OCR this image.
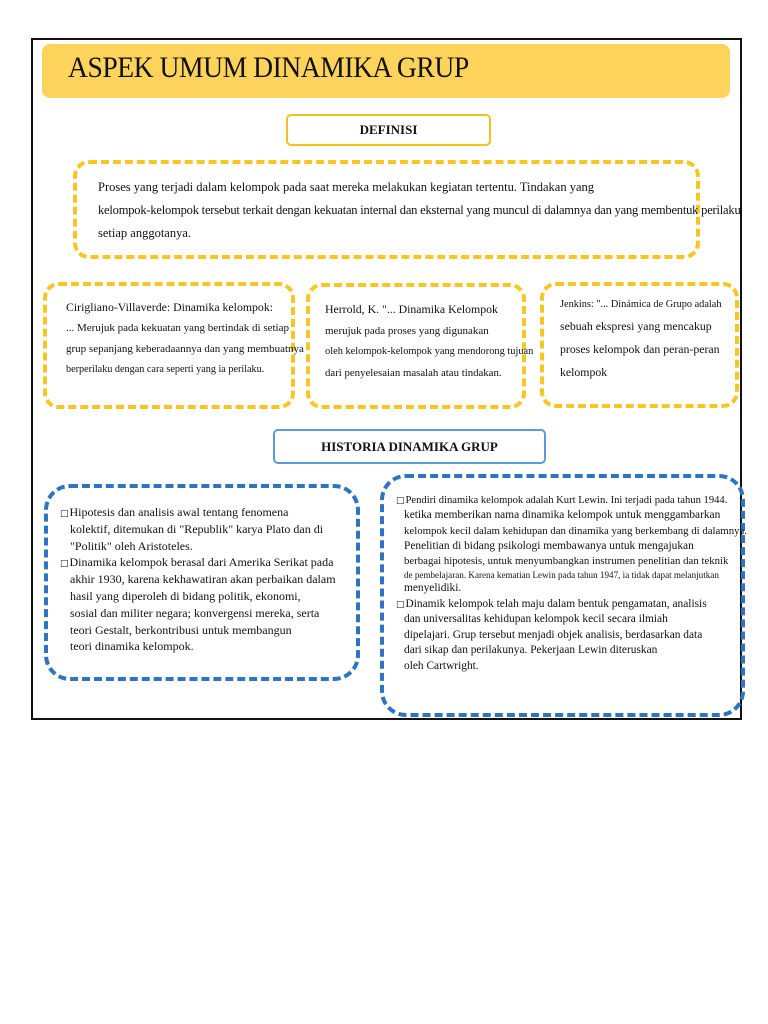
ASPEK UMUM DINAMIKA GRUP
DEFINISI
Proses yang terjadi dalam kelompok pada saat mereka melakukan kegiatan tertentu. Tindakan yang
kelompok-kelompok tersebut terkait dengan kekuatan internal dan eksternal yang muncul di dalamnya dan yang membentuk perilaku
setiap anggotanya.
Cirigliano-Villaverde: Dinamika kelompok:
... Merujuk pada kekuatan yang bertindak di setiap
grup sepanjang keberadaannya dan yang membuatnya
berperilaku dengan cara seperti yang ia perilaku.
Herrold, K. "... Dinamika Kelompok
merujuk pada proses yang digunakan
oleh kelompok-kelompok yang mendorong tujuan
dari penyelesaian masalah atau tindakan.
Jenkins: "... Dinámica de Grupo adalah
sebuah ekspresi yang mencakup
proses kelompok dan peran-peran
kelompok
HISTORIA DINAMIKA GRUP
□Hipotesis dan analisis awal tentang fenomena
kolektif, ditemukan di "Republik" karya Plato dan di
"Politik" oleh Aristoteles.
□Dinamika kelompok berasal dari Amerika Serikat pada
akhir 1930, karena kekhawatiran akan perbaikan dalam
hasil yang diperoleh di bidang politik, ekonomi,
sosial dan militer negara; konvergensi mereka, serta
teori Gestalt, berkontribusi untuk membangun
teori dinamika kelompok.
□Pendiri dinamika kelompok adalah Kurt Lewin. Ini terjadi pada tahun 1944.
ketika memberikan nama dinamika kelompok untuk menggambarkan
kelompok kecil dalam kehidupan dan dinamika yang berkembang di dalamnya.
Penelitian di bidang psikologi membawanya untuk mengajukan
berbagai hipotesis, untuk menyumbangkan instrumen penelitian dan teknik
de pembelajaran. Karena kematian Lewin pada tahun 1947, ia tidak dapat melanjutkan
menyelidiki.
□Dinamik kelompok telah maju dalam bentuk pengamatan, analisis
dan universalitas kehidupan kelompok kecil secara ilmiah
dipelajari. Grup tersebut menjadi objek analisis, berdasarkan data
dari sikap dan perilakunya. Pekerjaan Lewin diteruskan
oleh Cartwright.
